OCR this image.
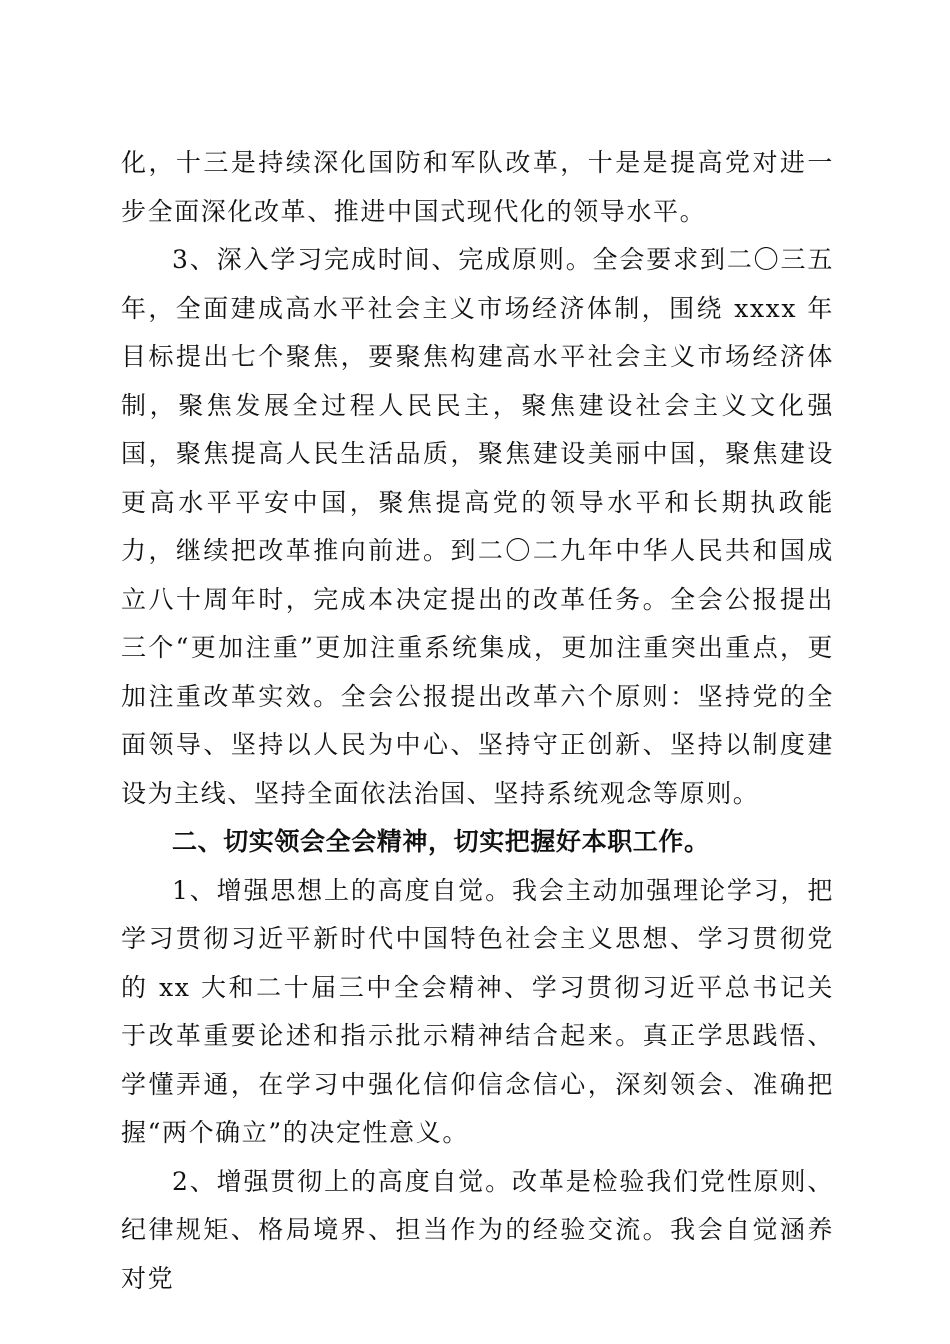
化，十三是持续深化国防和军队改革，十是是提高党对进一步全面深化改革、推进中国式现代化的领导水平。

3、深入学习完成时间、完成原则。全会要求到二〇三五年，全面建成高水平社会主义市场经济体制，围绕 xxxx 年目标提出七个聚焦，要聚焦构建高水平社会主义市场经济体制，聚焦发展全过程人民民主，聚焦建设社会主义文化强国，聚焦提高人民生活品质，聚焦建设美丽中国，聚焦建设更高水平平安中国，聚焦提高党的领导水平和长期执政能力，继续把改革推向前进。到二〇二九年中华人民共和国成立八十周年时，完成本决定提出的改革任务。全会公报提出三个“更加注重”更加注重系统集成，更加注重突出重点，更加注重改革实效。全会公报提出改革六个原则：坚持党的全面领导、坚持以人民为中心、坚持守正创新、坚持以制度建设为主线、坚持全面依法治国、坚持系统观念等原则。

二、切实领会全会精神，切实把握好本职工作。

1、增强思想上的高度自觉。我会主动加强理论学习，把学习贯彻习近平新时代中国特色社会主义思想、学习贯彻党的 xx 大和二十届三中全会精神、学习贯彻习近平总书记关于改革重要论述和指示批示精神结合起来。真正学思践悟、学懂弄通，在学习中强化信仰信念信心，深刻领会、准确把握“两个确立”的决定性意义。

2、增强贯彻上的高度自觉。改革是检验我们党性原则、纪律规矩、格局境界、担当作为的经验交流。我会自觉涵养对党
